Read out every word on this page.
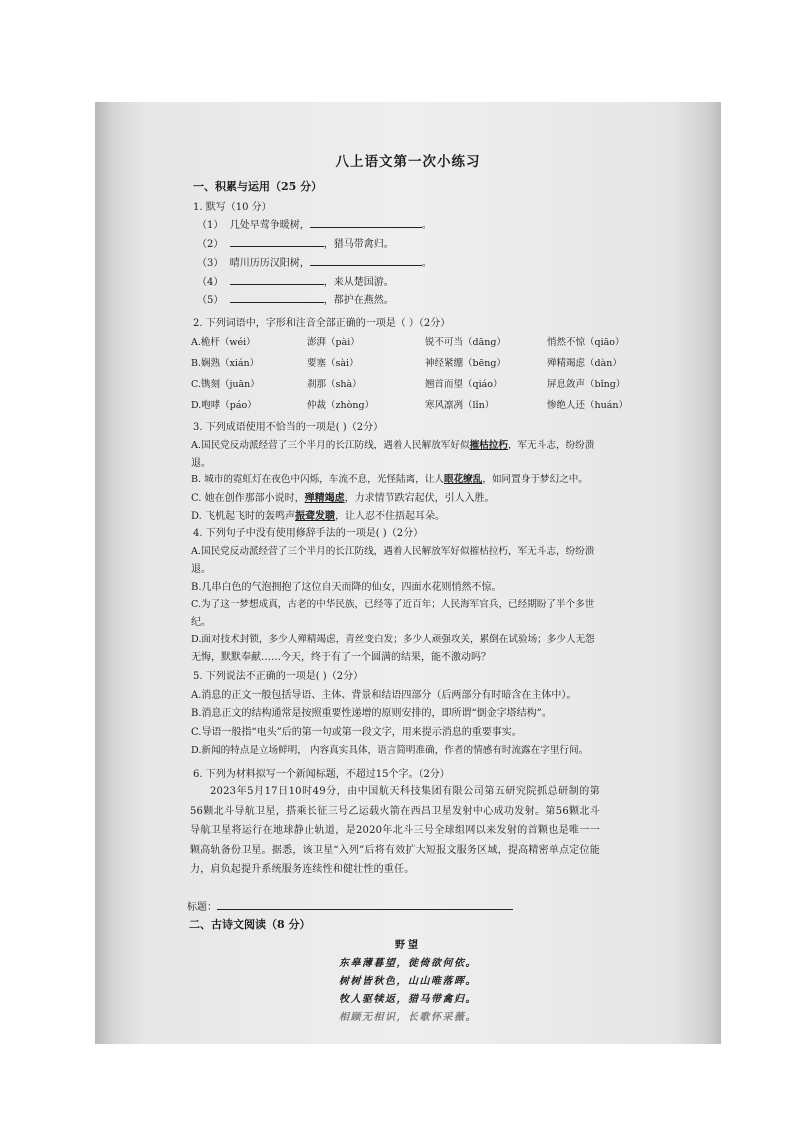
八上语文第一次小练习
一、积累与运用（25 分）
1. 默写（10 分）
（1） 几处早莺争暖树，	。
（2）	，猎马带禽归。
（3） 晴川历历汉阳树，	。
（4）	，来从楚国游。
（5）	，都护在燕然。
2. 下列词语中，字形和注音全部正确的一项是（ ）（2分）
A.桅杆（wéi）	澎湃（pài）	锐不可当（dāng）	悄然不惊（qiāo）
B.娴熟（xián）	要塞（sài）	神经紧绷（bēng）	殚精竭虑（dàn）
C.镌刻（juān）	刹那（shà）	翘首而望（qiáo）	屏息敛声（bǐng）
D.咆哮（páo）	仲裁（zhòng）	寒风凛冽（lǐn）	惨绝人还（huán）
3. 下列成语使用不恰当的一项是( )（2分）
A.国民党反动派经营了三个半月的长江防线，遇着人民解放军好似摧枯拉朽，军无斗志，纷纷溃
退。
B. 城市的霓虹灯在夜色中闪烁，车流不息，光怪陆离，让人眼花缭乱，如同置身于梦幻之中。
C. 她在创作那部小说时，殚精竭虑，力求情节跌宕起伏，引人入胜。
D. 飞机起飞时的轰鸣声振聋发聩，让人忍不住捂起耳朵。
4. 下列句子中没有使用修辞手法的一项是( )（2分）
A.国民党反动派经营了三个半月的长江防线，遇着人民解放军好似摧枯拉朽，军无斗志，纷纷溃
退。
B.几串白色的气泡拥抱了这位自天而降的仙女，四面水花则悄然不惊。
C.为了这一梦想成真，古老的中华民族，已经等了近百年；人民海军官兵，已经期盼了半个多世
纪。
D.面对技术封锁，多少人殚精竭虑，青丝变白发；多少人顽强攻关，累倒在试验场；多少人无怨
无悔，默默奉献……今天，终于有了一个圆满的结果，能不激动吗？
5. 下列说法不正确的一项是( )（2分）
A.消息的正文一般包括导语、主体、背景和结语四部分（后两部分有时暗含在主体中）。
B.消息正文的结构通常是按照重要性递增的原则安排的，即所谓“倒金字塔结构”。
C.导语一般指“电头”后的第一句或第一段文字，用来提示消息的重要事实。
D.新闻的特点是立场鲜明， 内容真实具体，语言简明准确，作者的情感有时流露在字里行间。
6. 下列为材料拟写一个新闻标题，不超过15个字。（2分）
2023年5月17日10时49分，由中国航天科技集团有限公司第五研究院抓总研制的第56颗北斗导航卫星，搭乘长征三号乙运载火箭在西昌卫星发射中心成功发射。第56颗北斗导航卫星将运行在地球静止轨道，是2020年北斗三号全球组网以来发射的首颗也是唯一一颗高轨备份卫星。据悉，该卫星“入列”后将有效扩大短报文服务区域，提高精密单点定位能力，肩负起提升系统服务连续性和健壮性的重任。
标题：
二、古诗文阅读（8 分）
野望
东皋薄暮望，徙倚欲何依。
树树皆秋色，山山唯落晖。
牧人驱犊返，猎马带禽归。
相顾无相识，长歌怀采薇。
